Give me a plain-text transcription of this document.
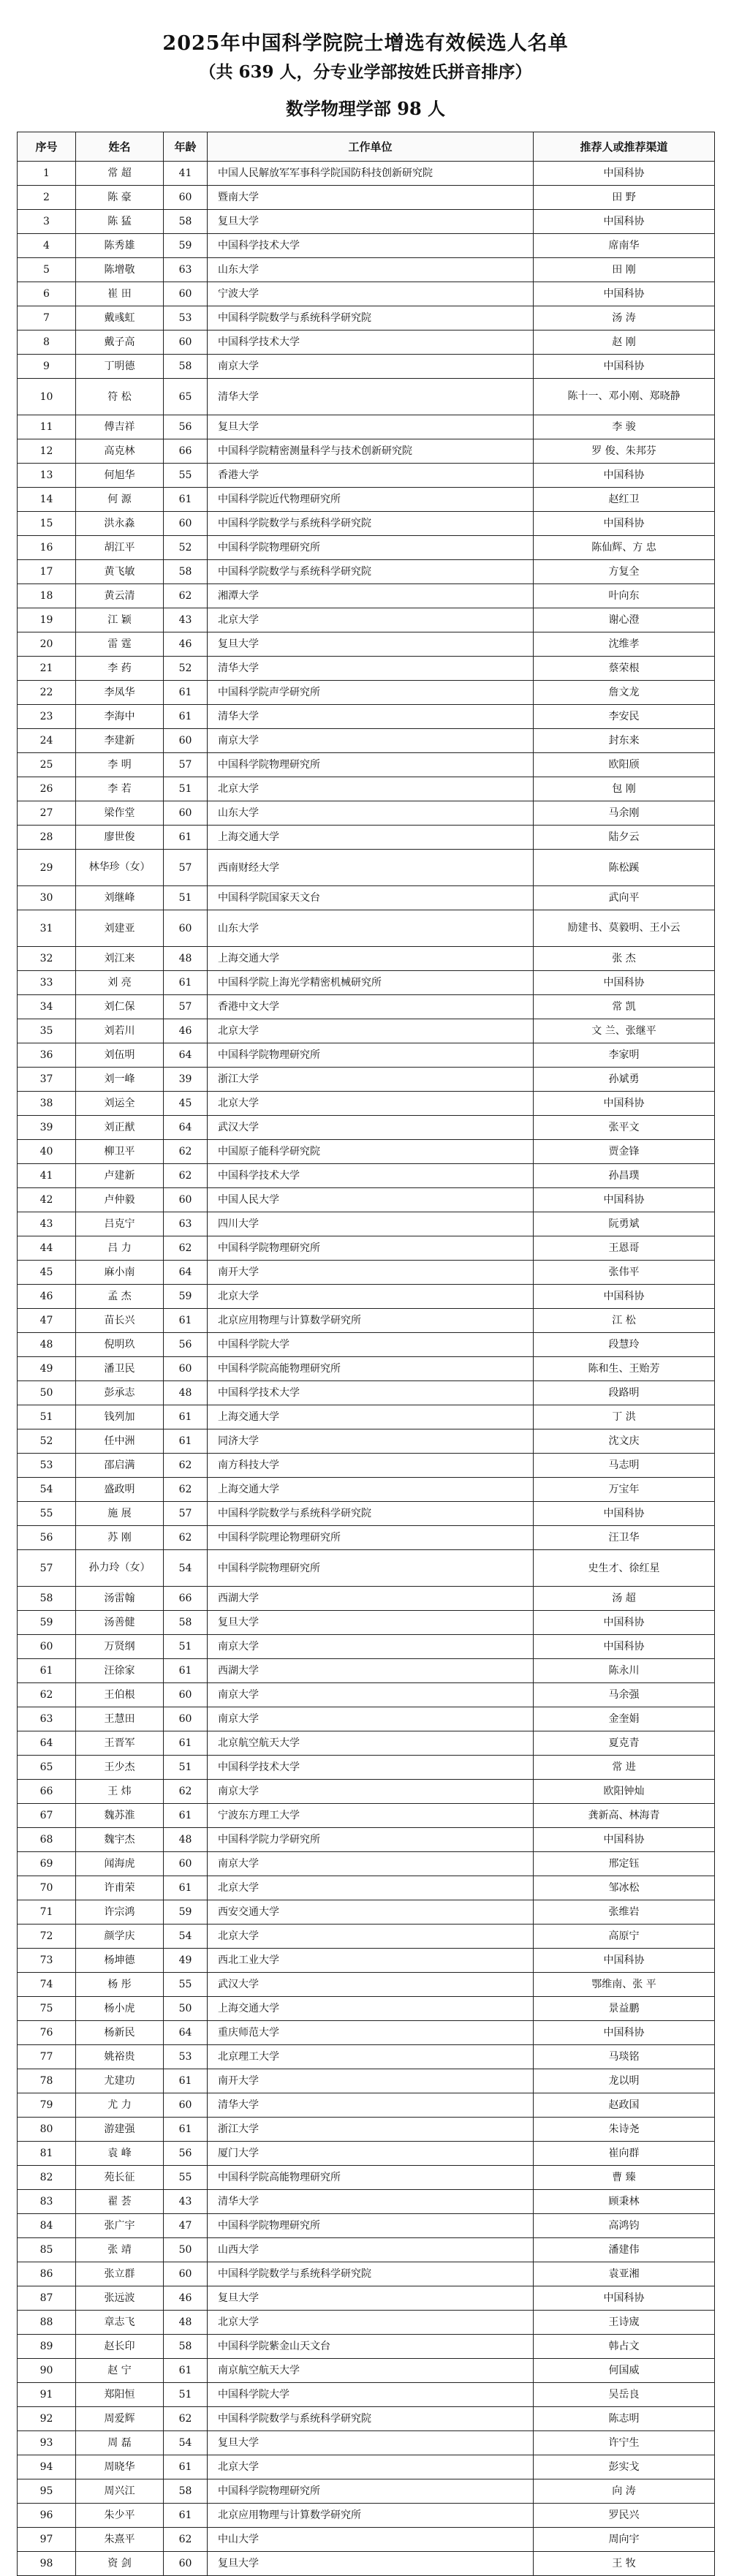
2025年中国科学院院士增选有效候选人名单
（共 639 人，分专业学部按姓氏拼音排序）
数学物理学部 98 人
序号	姓名	年龄	工作单位	推荐人或推荐渠道
1	常 超	41	中国人民解放军军事科学院国防科技创新研究院	中国科协
2	陈 豪	60	暨南大学	田 野
3	陈 猛	58	复旦大学	中国科协
4	陈秀雄	59	中国科学技术大学	席南华
5	陈增敬	63	山东大学	田 刚
6	崔 田	60	宁波大学	中国科协
7	戴彧虹	53	中国科学院数学与系统科学研究院	汤 涛
8	戴子高	60	中国科学技术大学	赵 刚
9	丁明德	58	南京大学	中国科协
10	符 松	65	清华大学	陈十一、邓小刚、郑晓静
11	傅吉祥	56	复旦大学	李 骏
12	高克林	66	中国科学院精密测量科学与技术创新研究院	罗 俊、朱邦芬
13	何旭华	55	香港大学	中国科协
14	何 源	61	中国科学院近代物理研究所	赵红卫
15	洪永淼	60	中国科学院数学与系统科学研究院	中国科协
16	胡江平	52	中国科学院物理研究所	陈仙辉、方 忠
17	黄飞敏	58	中国科学院数学与系统科学研究院	方复全
18	黄云清	62	湘潭大学	叶向东
19	江 颖	43	北京大学	谢心澄
20	雷 霆	46	复旦大学	沈维孝
21	李 药	52	清华大学	蔡荣根
22	李凤华	61	中国科学院声学研究所	詹文龙
23	李海中	61	清华大学	李安民
24	李建新	60	南京大学	封东来
25	李 明	57	中国科学院物理研究所	欧阳颀
26	李 若	51	北京大学	包 刚
27	梁作堂	60	山东大学	马余刚
28	廖世俊	61	上海交通大学	陆夕云
29	林华珍（女）	57	西南财经大学	陈松蹊
30	刘继峰	51	中国科学院国家天文台	武向平
31	刘建亚	60	山东大学	励建书、莫毅明、王小云
32	刘江来	48	上海交通大学	张 杰
33	刘 亮	61	中国科学院上海光学精密机械研究所	中国科协
34	刘仁保	57	香港中文大学	常 凯
35	刘若川	46	北京大学	文 兰、张继平
36	刘伍明	64	中国科学院物理研究所	李家明
37	刘一峰	39	浙江大学	孙斌勇
38	刘运全	45	北京大学	中国科协
39	刘正猷	64	武汉大学	张平文
40	柳卫平	62	中国原子能科学研究院	贾金锋
41	卢建新	62	中国科学技术大学	孙昌璞
42	卢仲毅	60	中国人民大学	中国科协
43	吕克宁	63	四川大学	阮勇斌
44	吕 力	62	中国科学院物理研究所	王恩哥
45	麻小南	64	南开大学	张伟平
46	孟 杰	59	北京大学	中国科协
47	苗长兴	61	北京应用物理与计算数学研究所	江 松
48	倪明玖	56	中国科学院大学	段慧玲
49	潘卫民	60	中国科学院高能物理研究所	陈和生、王贻芳
50	彭承志	48	中国科学技术大学	段路明
51	钱列加	61	上海交通大学	丁 洪
52	任中洲	61	同济大学	沈文庆
53	邵启满	62	南方科技大学	马志明
54	盛政明	62	上海交通大学	万宝年
55	施 展	57	中国科学院数学与系统科学研究院	中国科协
56	苏 刚	62	中国科学院理论物理研究所	汪卫华
57	孙力玲（女）	54	中国科学院物理研究所	史生才、徐红星
58	汤雷翰	66	西湖大学	汤 超
59	汤善健	58	复旦大学	中国科协
60	万贤纲	51	南京大学	中国科协
61	汪徐家	61	西湖大学	陈永川
62	王伯根	60	南京大学	马余强
63	王慧田	60	南京大学	金奎娟
64	王晋军	61	北京航空航天大学	夏克青
65	王少杰	51	中国科学技术大学	常 进
66	王 炜	62	南京大学	欧阳钟灿
67	魏苏淮	61	宁波东方理工大学	龚新高、林海青
68	魏宇杰	48	中国科学院力学研究所	中国科协
69	闻海虎	60	南京大学	邢定钰
70	许甫荣	61	北京大学	邹冰松
71	许宗鸿	59	西安交通大学	张维岩
72	颜学庆	54	北京大学	高原宁
73	杨坤德	49	西北工业大学	中国科协
74	杨 彤	55	武汉大学	鄂维南、张 平
75	杨小虎	50	上海交通大学	景益鹏
76	杨新民	64	重庆师范大学	中国科协
77	姚裕贵	53	北京理工大学	马琰铭
78	尤建功	61	南开大学	龙以明
79	尤 力	60	清华大学	赵政国
80	游建强	61	浙江大学	朱诗尧
81	袁 峰	56	厦门大学	崔向群
82	苑长征	55	中国科学院高能物理研究所	曹 臻
83	翟 荟	43	清华大学	顾秉林
84	张广宇	47	中国科学院物理研究所	高鸿钧
85	张 靖	50	山西大学	潘建伟
86	张立群	60	中国科学院数学与系统科学研究院	袁亚湘
87	张远波	46	复旦大学	中国科协
88	章志飞	48	北京大学	王诗宬
89	赵长印	58	中国科学院紫金山天文台	韩占文
90	赵 宁	61	南京航空航天大学	何国威
91	郑阳恒	51	中国科学院大学	吴岳良
92	周爱辉	62	中国科学院数学与系统科学研究院	陈志明
93	周 磊	54	复旦大学	许宁生
94	周晓华	61	北京大学	彭实戈
95	周兴江	58	中国科学院物理研究所	向 涛
96	朱少平	61	北京应用物理与计算数学研究所	罗民兴
97	朱熹平	62	中山大学	周向宇
98	资 剑	60	复旦大学	王 牧
